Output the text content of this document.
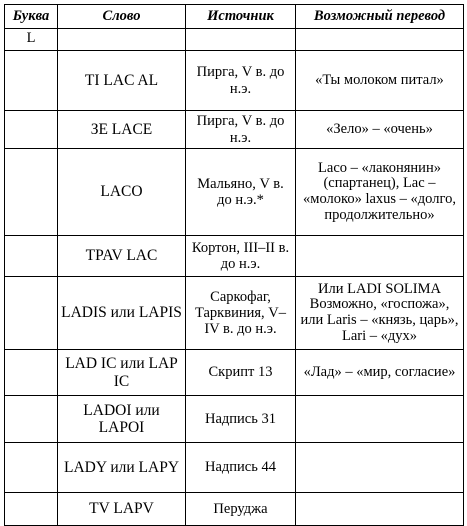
Буква	Слово	Источник	Возможный перевод
L			
	TI LAC AL	Пирга, V в. до н.э.	«Ты молоком питал»
	ЗE LACE	Пирга, V в. до н.э.	«Зело» – «очень»
	LACO	Мальяно, V в. до н.э.*	Laco – «лаконянин» (спартанец), Lac – «молоко» laxus – «долго, продолжительно»
	TPAV LAC	Кортон, III–II в. до н.э.	
	LADIS или LAPIS	Саркофаг, Тарквиния, V–IV в. до н.э.	Или LADI SOLIMA Возможно, «госпожа», или Laris – «князь, царь», Lari – «дух»
	LAD IC или LAP IC	Скрипт 13	«Лад» – «мир, согласие»
	LADOI или LAPOI	Надпись 31	
	LADY или LAPY	Надпись 44	
	TV LAPV	Перуджа	
